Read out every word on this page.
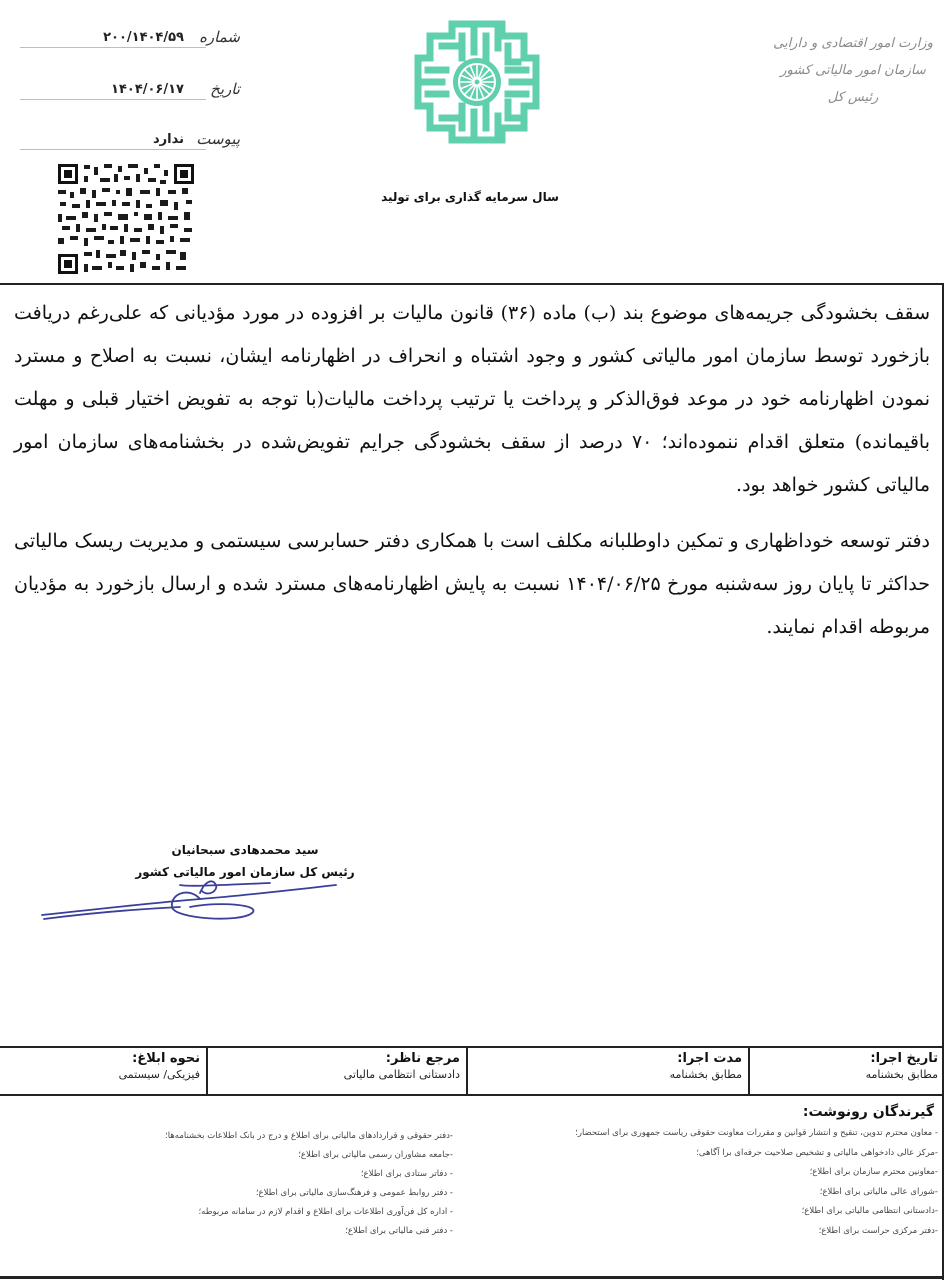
۲۰۰/۱۴۰۴/۵۹ شماره
۱۴۰۴/۰۶/۱۷ تاریخ
ندارد پیوست
سال سرمایه گذاری برای تولید
وزارت امور اقتصادی و دارایی
سازمان امور مالیاتی کشور
رئیس کل

سقف بخشودگی جریمه‌های موضوع بند (ب) ماده (۳۶) قانون مالیات بر افزوده در مورد مؤدیانی که علی‌رغم دریافت بازخورد توسط سازمان امور مالیاتی کشور و وجود اشتباه و انحراف در اظهارنامه ایشان، نسبت به اصلاح و مسترد نمودن اظهارنامه خود در موعد فوق‌الذکر و پرداخت یا ترتیب پرداخت مالیات(با توجه به تفویض اختیار قبلی و مهلت باقیمانده) متعلق اقدام ننموده‌اند؛ ۷۰ درصد از سقف بخشودگی جرایم تفویض‌شده در بخشنامه‌های سازمان امور مالیاتی کشور خواهد بود.

دفتر توسعه خوداظهاری و تمکین داوطلبانه مکلف است با همکاری دفتر حسابرسی سیستمی و مدیریت ریسک مالیاتی حداکثر تا پایان روز سه‌شنبه مورخ ۱۴۰۴/۰۶/۲۵ نسبت به پایش اظهارنامه‌های مسترد شده و ارسال بازخورد به مؤدیان مربوطه اقدام نمایند.

سید محمدهادی سبحانیان
رئیس کل سازمان امور مالیاتی کشور
تاریخ اجرا:
مطابق بخشنامه
مدت اجرا:
مطابق بخشنامه
مرجع ناظر:
دادستانی انتظامی مالیاتی
نحوه ابلاغ:
فیزیکی/ سیستمی
گیرندگان رونوشت:
- معاون محترم تدوین، تنقیح و انتشار قوانین و مقررات معاونت حقوقی ریاست جمهوری برای استحضار؛
-مرکز عالی دادخواهی مالیاتی و تشخیص صلاحیت حرفه‌ای برا آگاهی؛
-معاونین محترم سازمان برای اطلاع؛
-شورای عالی مالیاتی برای اطلاع؛
-دادستانی انتظامی مالیاتی برای اطلاع؛
-دفتر مرکزی حراست برای اطلاع؛
-دفتر حقوقی و قراردادهای مالیاتی برای اطلاع و درج در بانک اطلاعات بخشنامه‌ها؛
-جامعه مشاوران رسمی مالیاتی برای اطلاع؛
- دفاتر ستادی برای اطلاع؛
- دفتر روابط عمومی و فرهنگ‌سازی مالیاتی برای اطلاع؛
- اداره کل فن‌آوری اطلاعات برای اطلاع و اقدام لازم در سامانه مربوطه؛
- دفتر فنی مالیاتی برای اطلاع؛
